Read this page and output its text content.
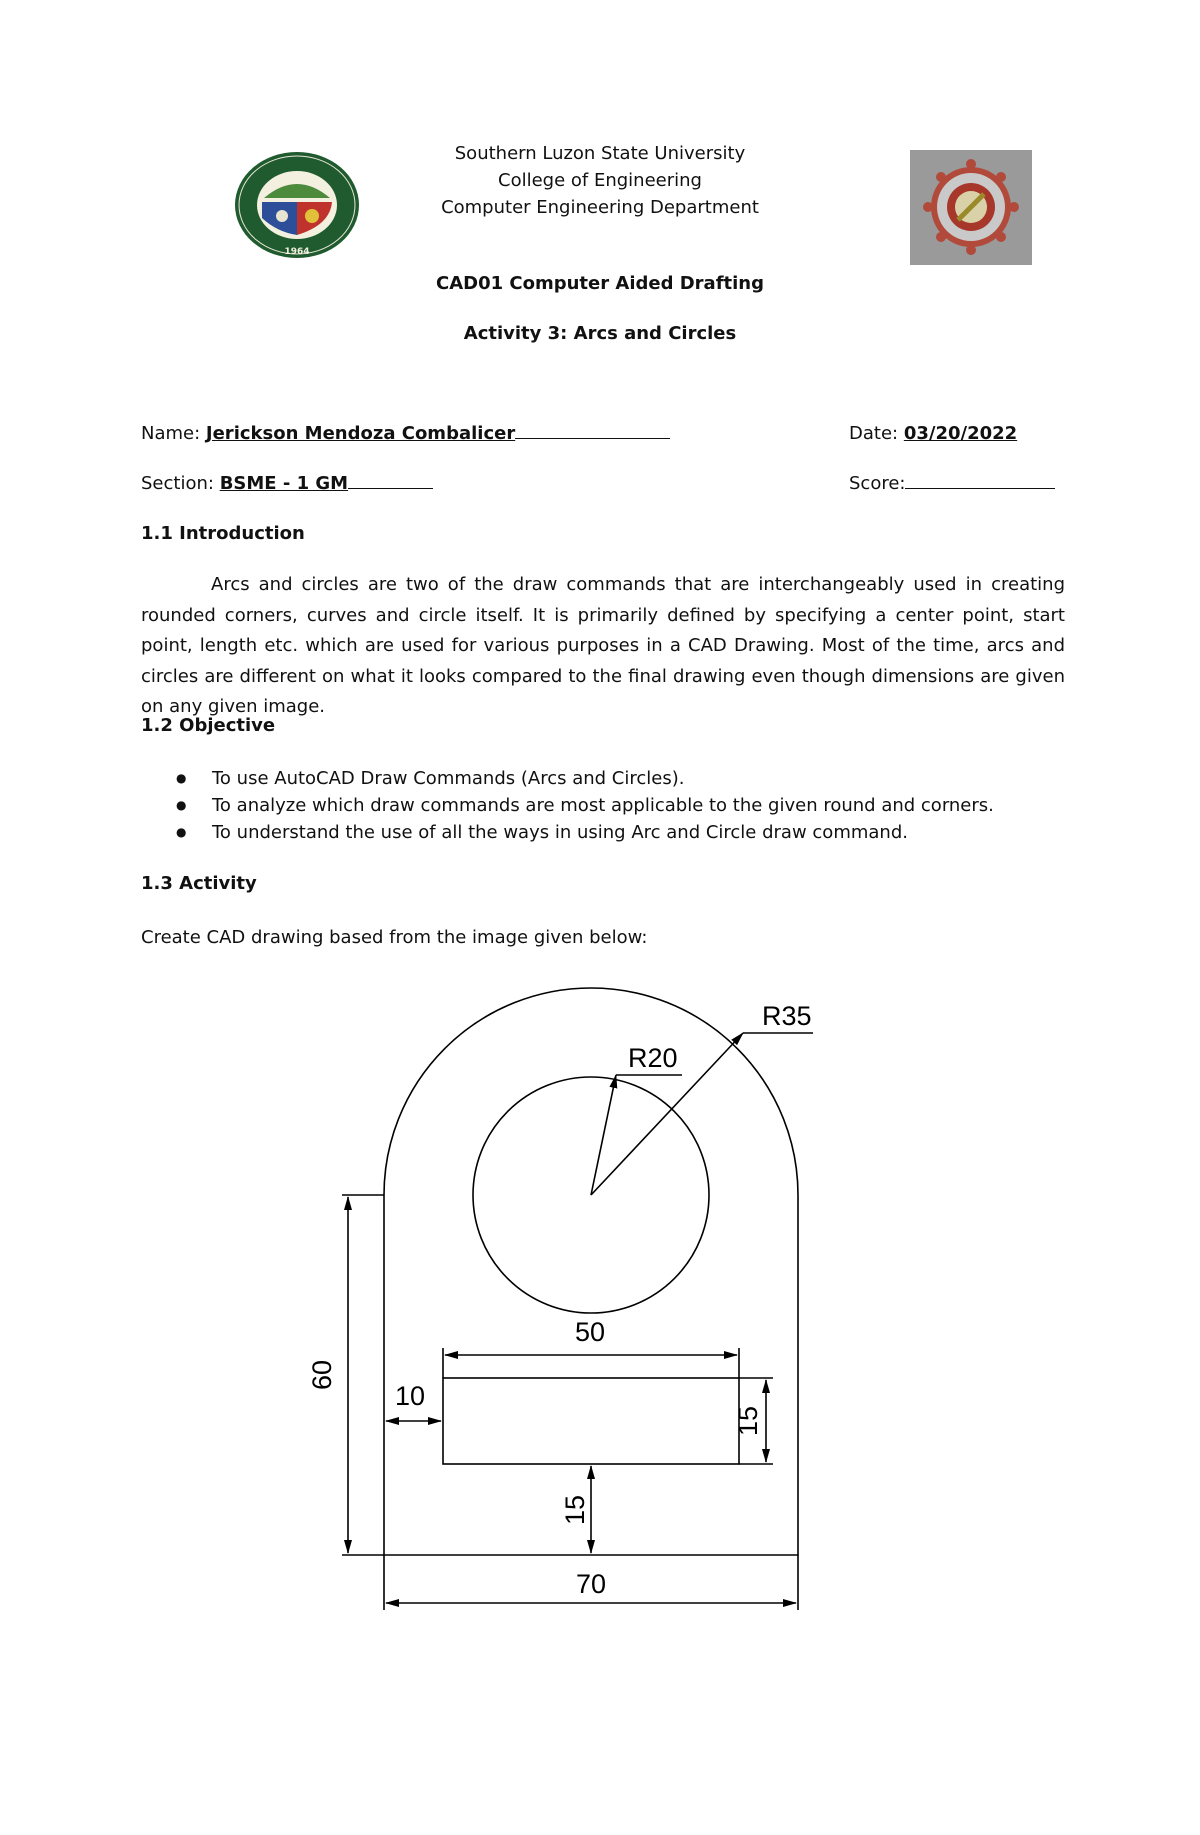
Southern Luzon State University
College of Engineering
Computer Engineering Department
CAD01 Computer Aided Drafting
Activity 3: Arcs and Circles
1964
Name: Jerickson Mendoza Combalicer	Date: 03/20/2022
Section: BSME - 1 GM	Score:
1.1 Introduction
Arcs and circles are two of the draw commands that are interchangeably used in creating rounded corners, curves and circle itself. It is primarily defined by specifying a center point, start point, length etc. which are used for various purposes in a CAD Drawing. Most of the time, arcs and circles are different on what it looks compared to the final drawing even though dimensions are given on any given image.
1.2 Objective
● To use AutoCAD Draw Commands (Arcs and Circles).
● To analyze which draw commands are most applicable to the given round and corners.
● To understand the use of all the ways in using Arc and Circle draw command.
1.3 Activity
Create CAD drawing based from the image given below:
R20
R35
50
60
10
15
15
70
